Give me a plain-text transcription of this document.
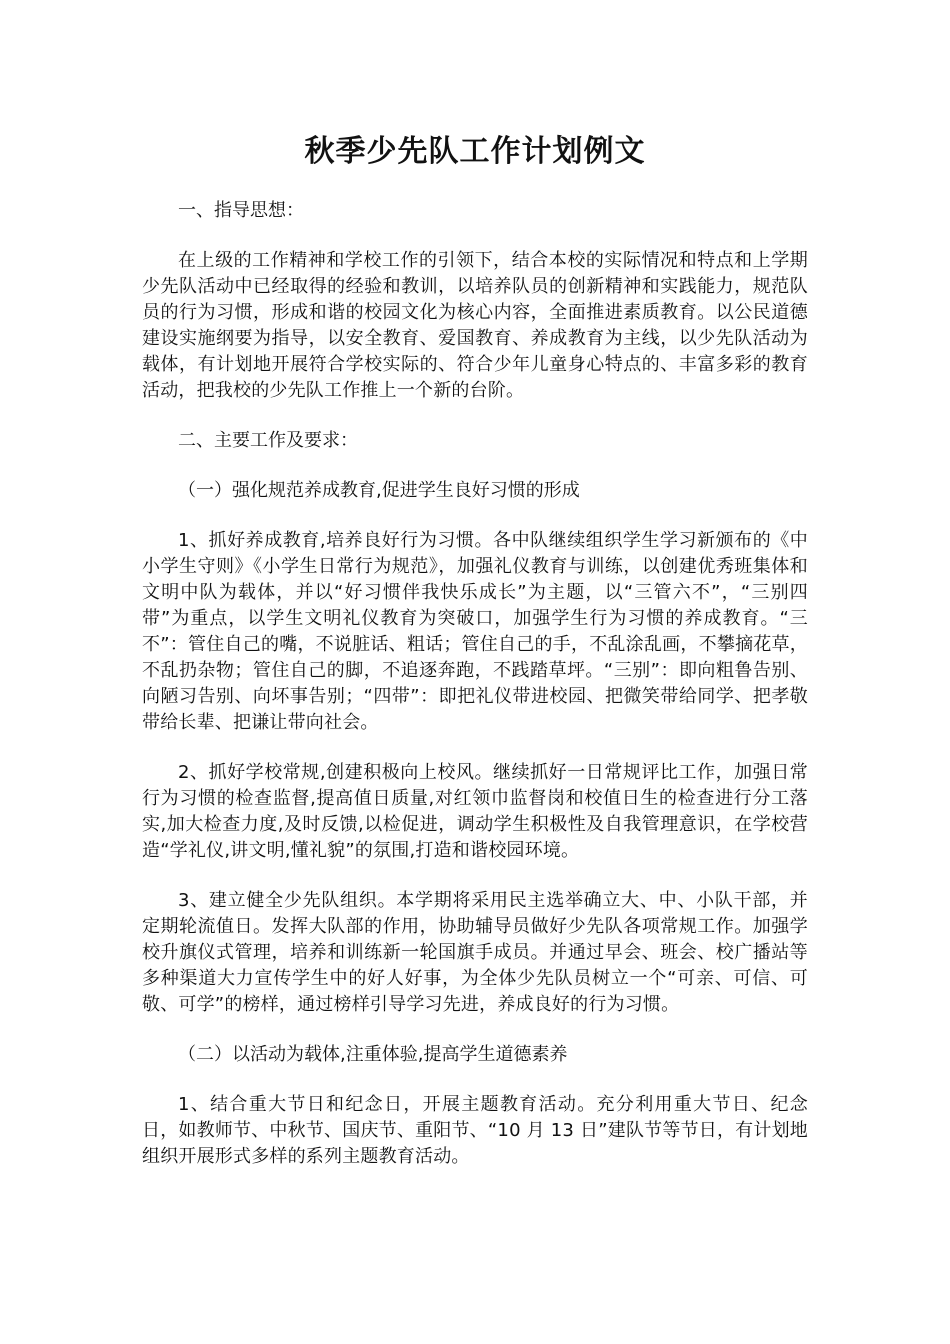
秋季少先队工作计划例文

一、指导思想：

在上级的工作精神和学校工作的引领下，结合本校的实际情况和特点和上学期少先队活动中已经取得的经验和教训，以培养队员的创新精神和实践能力，规范队员的行为习惯，形成和谐的校园文化为核心内容，全面推进素质教育。以公民道德建设实施纲要为指导，以安全教育、爱国教育、养成教育为主线，以少先队活动为载体，有计划地开展符合学校实际的、符合少年儿童身心特点的、丰富多彩的教育活动，把我校的少先队工作推上一个新的台阶。

二、主要工作及要求：

（一）强化规范养成教育,促进学生良好习惯的形成

1、抓好养成教育,培养良好行为习惯。各中队继续组织学生学习新颁布的《中小学生守则》《小学生日常行为规范》，加强礼仪教育与训练，以创建优秀班集体和文明中队为载体，并以“好习惯伴我快乐成长”为主题，以“三管六不”，“三别四带”为重点，以学生文明礼仪教育为突破口，加强学生行为习惯的养成教育。“三不”：管住自己的嘴，不说脏话、粗话；管住自己的手，不乱涂乱画，不攀摘花草，不乱扔杂物；管住自己的脚，不追逐奔跑，不践踏草坪。“三别”：即向粗鲁告别、向陋习告别、向坏事告别；“四带”：即把礼仪带进校园、把微笑带给同学、把孝敬带给长辈、把谦让带向社会。

2、抓好学校常规,创建积极向上校风。继续抓好一日常规评比工作，加强日常行为习惯的检查监督,提高值日质量,对红领巾监督岗和校值日生的检查进行分工落实,加大检查力度,及时反馈,以检促进，调动学生积极性及自我管理意识，在学校营造“学礼仪,讲文明,懂礼貌”的氛围,打造和谐校园环境。

3、建立健全少先队组织。本学期将采用民主选举确立大、中、小队干部，并定期轮流值日。发挥大队部的作用，协助辅导员做好少先队各项常规工作。加强学校升旗仪式管理，培养和训练新一轮国旗手成员。并通过早会、班会、校广播站等多种渠道大力宣传学生中的好人好事，为全体少先队员树立一个“可亲、可信、可敬、可学”的榜样，通过榜样引导学习先进，养成良好的行为习惯。

（二）以活动为载体,注重体验,提高学生道德素养

1、结合重大节日和纪念日，开展主题教育活动。充分利用重大节日、纪念日，如教师节、中秋节、国庆节、重阳节、“10 月 13 日”建队节等节日，有计划地组织开展形式多样的系列主题教育活动。
